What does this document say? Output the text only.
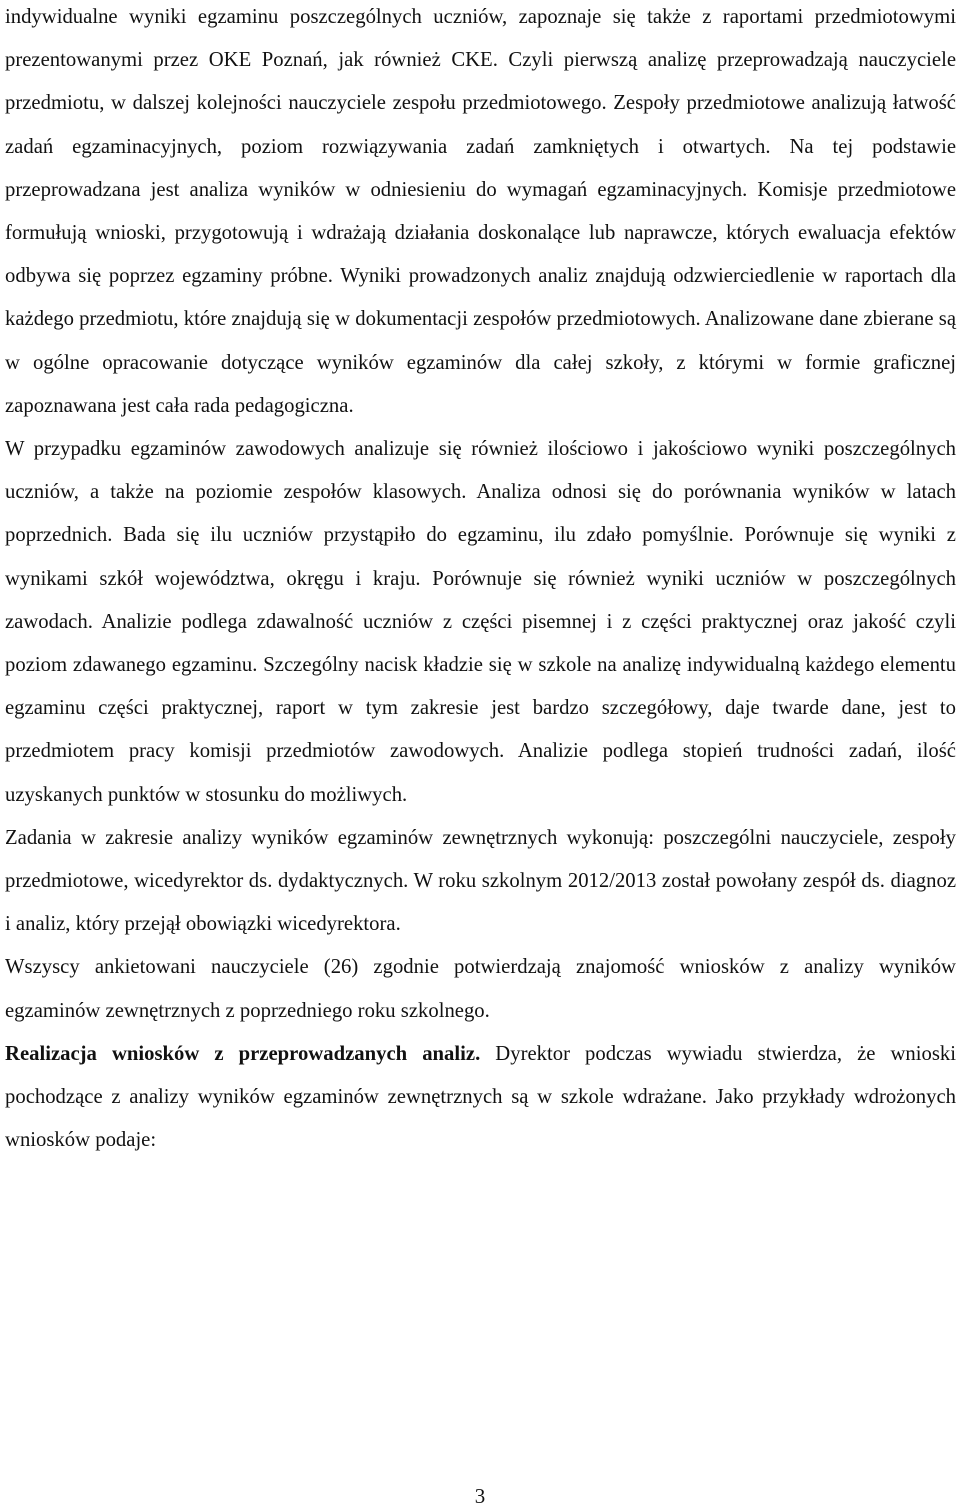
indywidualne wyniki egzaminu poszczególnych uczniów, zapoznaje się także z raportami przedmiotowymi prezentowanymi przez OKE Poznań, jak również CKE. Czyli pierwszą analizę przeprowadzają nauczyciele przedmiotu, w dalszej kolejności nauczyciele zespołu przedmiotowego. Zespoły przedmiotowe analizują łatwość zadań egzaminacyjnych, poziom rozwiązywania zadań zamkniętych i otwartych. Na tej podstawie przeprowadzana jest analiza wyników w odniesieniu do wymagań egzaminacyjnych. Komisje przedmiotowe formułują wnioski, przygotowują i wdrażają działania doskonalące lub naprawcze, których ewaluacja efektów odbywa się poprzez egzaminy próbne. Wyniki prowadzonych analiz znajdują odzwierciedlenie w raportach dla każdego przedmiotu, które znajdują się w dokumentacji zespołów przedmiotowych. Analizowane dane zbierane są w ogólne opracowanie dotyczące wyników egzaminów dla całej szkoły, z którymi w formie graficznej zapoznawana jest cała rada pedagogiczna.

W przypadku egzaminów zawodowych analizuje się również ilościowo i jakościowo wyniki poszczególnych uczniów, a także na poziomie zespołów klasowych. Analiza odnosi się do porównania wyników w latach poprzednich. Bada się ilu uczniów przystąpiło do egzaminu, ilu zdało pomyślnie. Porównuje się wyniki z wynikami szkół województwa, okręgu i kraju. Porównuje się również wyniki uczniów w poszczególnych zawodach. Analizie podlega zdawalność uczniów z części pisemnej i z części praktycznej oraz jakość czyli poziom zdawanego egzaminu. Szczególny nacisk kładzie się w szkole na analizę indywidualną każdego elementu egzaminu części praktycznej, raport w tym zakresie jest bardzo szczegółowy, daje twarde dane, jest to przedmiotem pracy komisji przedmiotów zawodowych. Analizie podlega stopień trudności zadań, ilość uzyskanych punktów w stosunku do możliwych.

Zadania w zakresie analizy wyników egzaminów zewnętrznych wykonują: poszczególni nauczyciele, zespoły przedmiotowe, wicedyrektor ds. dydaktycznych. W roku szkolnym 2012/2013 został powołany zespół ds. diagnoz i analiz, który przejął obowiązki wicedyrektora.

Wszyscy ankietowani nauczyciele (26) zgodnie potwierdzają znajomość wniosków z analizy wyników egzaminów zewnętrznych z poprzedniego roku szkolnego.

Realizacja wniosków z przeprowadzanych analiz. Dyrektor podczas wywiadu stwierdza, że wnioski pochodzące z analizy wyników egzaminów zewnętrznych są w szkole wdrażane. Jako przykłady wdrożonych wniosków podaje:

3
